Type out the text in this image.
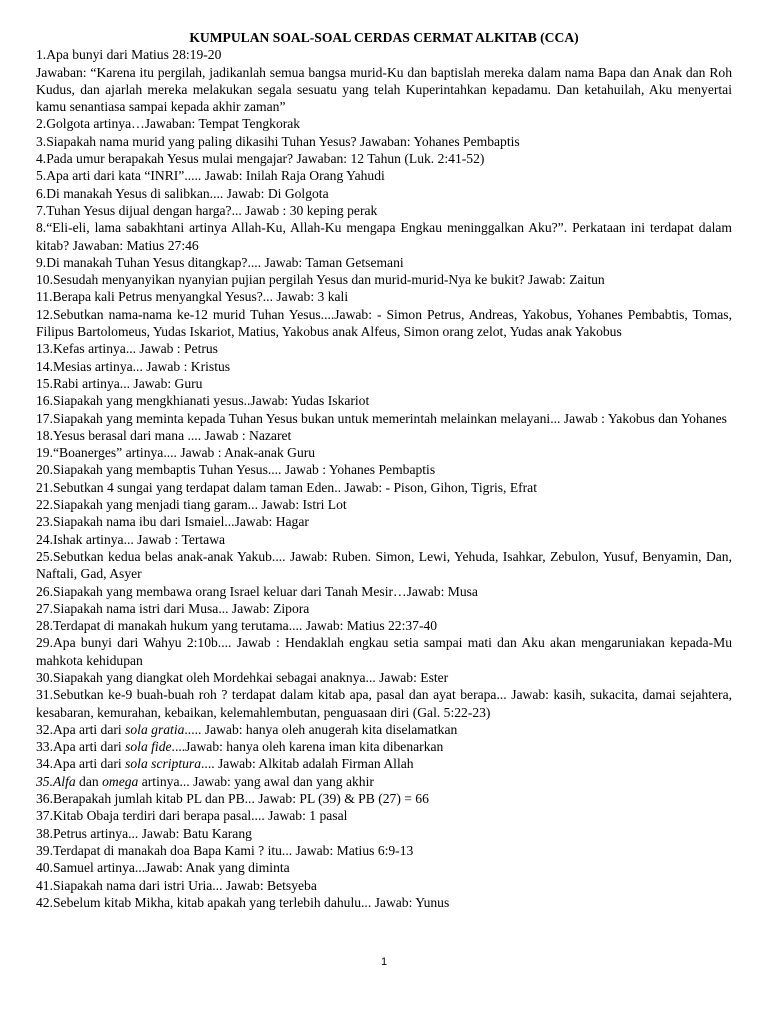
KUMPULAN SOAL-SOAL CERDAS CERMAT ALKITAB (CCA)

1.Apa bunyi dari Matius 28:19-20

Jawaban: “Karena itu pergilah, jadikanlah semua bangsa murid-Ku dan baptislah mereka dalam nama Bapa dan Anak dan Roh Kudus, dan ajarlah mereka melakukan segala sesuatu yang telah Kuperintahkan kepadamu. Dan ketahuilah, Aku menyertai kamu senantiasa sampai kepada akhir zaman”

2.Golgota artinya…Jawaban: Tempat Tengkorak

3.Siapakah nama murid yang paling dikasihi Tuhan Yesus? Jawaban: Yohanes Pembaptis

4.Pada umur berapakah Yesus mulai mengajar? Jawaban: 12 Tahun (Luk. 2:41-52)

5.Apa arti dari kata “INRI”..... Jawab: Inilah Raja Orang Yahudi

6.Di manakah Yesus di salibkan.... Jawab: Di Golgota

7.Tuhan Yesus dijual dengan harga?... Jawab : 30 keping perak

8.“Eli-eli, lama sabakhtani artinya Allah-Ku, Allah-Ku mengapa Engkau meninggalkan Aku?”. Perkataan ini terdapat dalam kitab? Jawaban: Matius 27:46

9.Di manakah Tuhan Yesus ditangkap?.... Jawab: Taman Getsemani

10.Sesudah menyanyikan nyanyian pujian pergilah Yesus dan murid-murid-Nya ke bukit? Jawab: Zaitun

11.Berapa kali Petrus menyangkal Yesus?... Jawab: 3 kali

12.Sebutkan nama-nama ke-12 murid Tuhan Yesus....Jawab: - Simon Petrus, Andreas, Yakobus, Yohanes Pembabtis, Tomas, Filipus Bartolomeus, Yudas Iskariot, Matius, Yakobus anak Alfeus, Simon orang zelot, Yudas anak Yakobus

13.Kefas artinya... Jawab : Petrus

14.Mesias artinya... Jawab : Kristus

15.Rabi artinya... Jawab: Guru

16.Siapakah yang mengkhianati yesus..Jawab: Yudas Iskariot

17.Siapakah yang meminta kepada Tuhan Yesus bukan untuk memerintah melainkan melayani... Jawab : Yakobus dan Yohanes

18.Yesus berasal dari mana .... Jawab : Nazaret

19.“Boanerges” artinya.... Jawab : Anak-anak Guru

20.Siapakah yang membaptis Tuhan Yesus.... Jawab : Yohanes Pembaptis

21.Sebutkan 4 sungai yang terdapat dalam taman Eden.. Jawab: - Pison, Gihon, Tigris, Efrat

22.Siapakah yang menjadi tiang garam... Jawab: Istri Lot

23.Siapakah nama ibu dari Ismaiel...Jawab: Hagar

24.Ishak artinya... Jawab : Tertawa

25.Sebutkan kedua belas anak-anak Yakub.... Jawab: Ruben. Simon, Lewi, Yehuda, Isahkar, Zebulon, Yusuf, Benyamin, Dan, Naftali, Gad, Asyer

26.Siapakah yang membawa orang Israel keluar dari Tanah Mesir…Jawab: Musa

27.Siapakah nama istri dari Musa... Jawab: Zipora

28.Terdapat di manakah hukum yang terutama.... Jawab: Matius 22:37-40

29.Apa bunyi dari Wahyu 2:10b.... Jawab : Hendaklah engkau setia sampai mati dan Aku akan mengaruniakan kepada-Mu mahkota kehidupan

30.Siapakah yang diangkat oleh Mordehkai sebagai anaknya... Jawab: Ester

31.Sebutkan ke-9 buah-buah roh ? terdapat dalam kitab apa, pasal dan ayat berapa... Jawab: kasih, sukacita, damai sejahtera, kesabaran, kemurahan, kebaikan, kelemahlembutan, penguasaan diri (Gal. 5:22-23)

32.Apa arti dari sola gratia..... Jawab: hanya oleh anugerah kita diselamatkan

33.Apa arti dari sola fide....Jawab: hanya oleh karena iman kita dibenarkan

34.Apa arti dari sola scriptura.... Jawab: Alkitab adalah Firman Allah

35.Alfa dan omega artinya... Jawab: yang awal dan yang akhir

36.Berapakah jumlah kitab PL dan PB... Jawab: PL (39) & PB (27) = 66

37.Kitab Obaja terdiri dari berapa pasal.... Jawab: 1 pasal

38.Petrus artinya... Jawab: Batu Karang

39.Terdapat di manakah doa Bapa Kami ? itu... Jawab: Matius 6:9-13

40.Samuel artinya...Jawab: Anak yang diminta

41.Siapakah nama dari istri Uria... Jawab: Betsyeba

42.Sebelum kitab Mikha, kitab apakah yang terlebih dahulu... Jawab: Yunus

1
